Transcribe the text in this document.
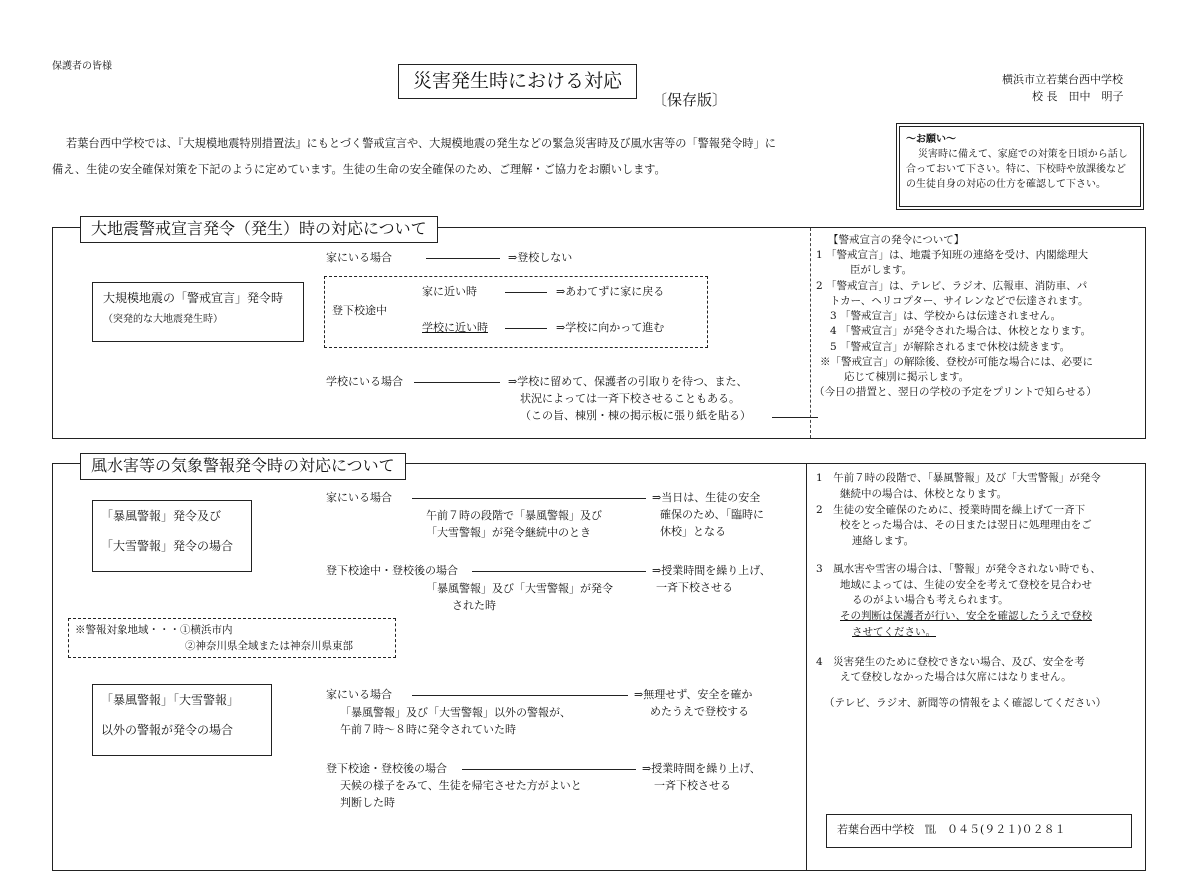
保護者の皆様
災害発生時における対応
〔保存版〕
横浜市立若葉台西中学校
校 長　田中　明子
若葉台西中学校では、『大規模地震特別措置法』にもとづく警戒宣言や、大規模地震の発生などの緊急災害時及び風水害等の「警報発令時」に
備え、生徒の安全確保対策を下記のように定めています。生徒の生命の安全確保のため、ご理解・ご協力をお願いします。
～お願い～
災害時に備えて、家庭での対策を日頃から話し
合っておいて下さい。特に、下校時や放課後など
の生徒自身の対応の仕方を確認して下さい。
大地震警戒宣言発令（発生）時の対応について
大規模地震の「警戒宣言」発令時
（突発的な大地震発生時）
家にいる場合	⇒登校しない
登下校途中
家に近い時	⇒あわてずに家に戻る
学校に近い時	⇒学校に向かって進む
学校にいる場合	⇒学校に留めて、保護者の引取りを待つ、また、
状況によっては一斉下校させることもある。
（この旨、棟別・棟の掲示板に張り紙を貼る）
【警戒宣言の発令について】
1 「警戒宣言」は、地震予知班の連絡を受け、内閣総理大
臣がします。
2 「警戒宣言」は、テレビ、ラジオ、広報車、消防車、パ
トカー、ヘリコプター、サイレンなどで伝達されます。
3 「警戒宣言」は、学校からは伝達されません。
4 「警戒宣言」が発令された場合は、休校となります。
5 「警戒宣言」が解除されるまで休校は続きます。
※「警戒宣言」の解除後、登校が可能な場合には、必要に
応じて棟別に掲示します。
（今日の措置と、翌日の学校の予定をプリントで知らせる）
風水害等の気象警報発令時の対応について
「暴風警報」発令及び
「大雪警報」発令の場合
家にいる場合
午前７時の段階で「暴風警報」及び
「大雪警報」が発令継続中のとき
⇒当日は、生徒の安全
確保のため、「臨時に
休校」となる
登下校途中・登校後の場合
「暴風警報」及び「大雪警報」が発令
された時
⇒授業時間を繰り上げ、
一斉下校させる
※警報対象地域・・・①横浜市内
②神奈川県全域または神奈川県東部
「暴風警報」「大雪警報」
以外の警報が発令の場合
家にいる場合
「暴風警報」及び「大雪警報」以外の警報が、
午前７時～８時に発令されていた時
⇒無理せず、安全を確か
めたうえで登校する
登下校途・登校後の場合
天候の様子をみて、生徒を帰宅させた方がよいと
判断した時
⇒授業時間を繰り上げ、
一斉下校させる
1　午前７時の段階で、「暴風警報」及び「大雪警報」が発令
継続中の場合は、休校となります。
2　生徒の安全確保のために、授業時間を繰上げて一斉下
校をとった場合は、その日または翌日に処理理由をご
連絡します。
3　風水害や雪害の場合は、「警報」が発令されない時でも、
地域によっては、生徒の安全を考えて登校を見合わせ
るのがよい場合も考えられます。
その判断は保護者が行い、安全を確認したうえで登校
させてください。
4　災害発生のために登校できない場合、及び、安全を考
えて登校しなかった場合は欠席にはなりません。
（テレビ、ラジオ、新聞等の情報をよく確認してください）
若葉台西中学校　℡　０４５(９２１)０２８１
